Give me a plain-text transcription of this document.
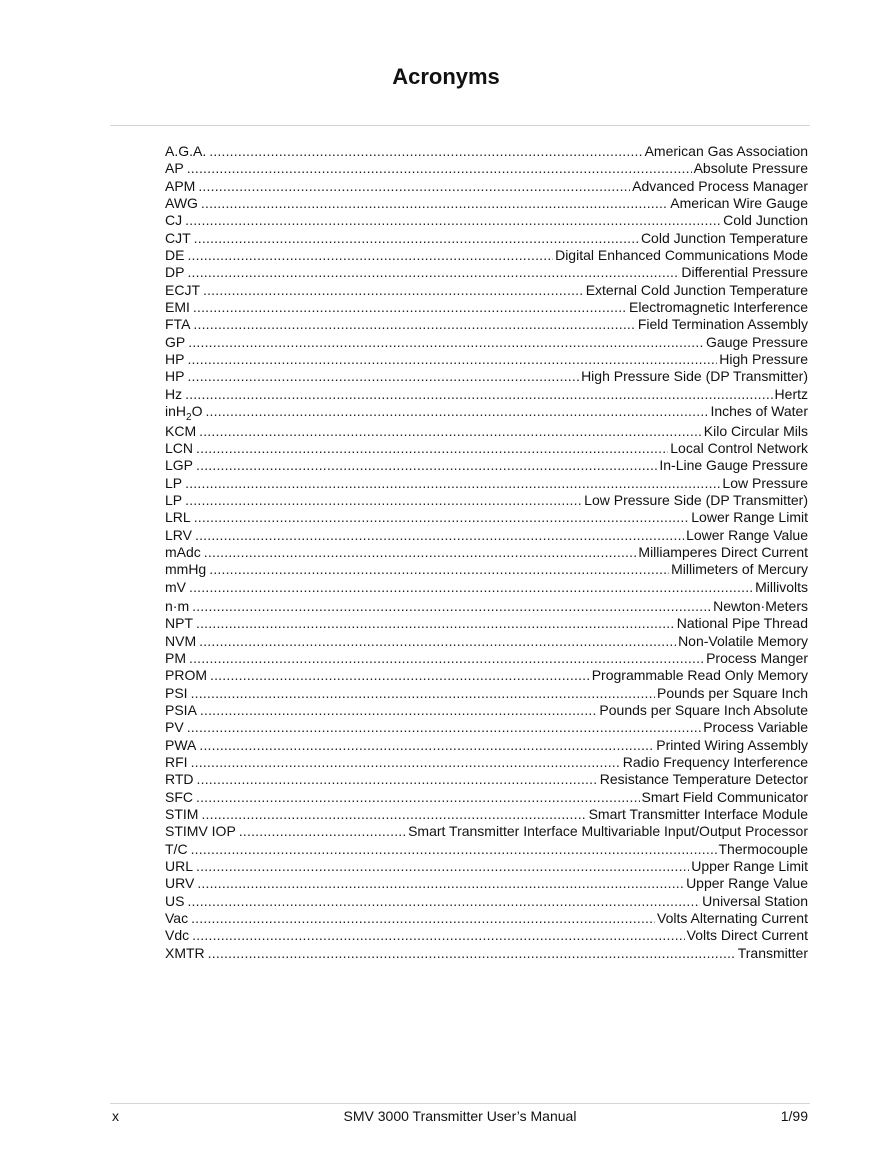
Acronyms
A.G.A. .....	American Gas Association
AP .....	Absolute Pressure
APM .....	Advanced Process Manager
AWG .....	American Wire Gauge
CJ .....	Cold Junction
CJT .....	Cold Junction Temperature
DE .....	Digital Enhanced Communications Mode
DP .....	Differential Pressure
ECJT .....	External Cold Junction Temperature
EMI .....	Electromagnetic Interference
FTA .....	Field Termination Assembly
GP .....	Gauge Pressure
HP .....	High Pressure
HP .....	High Pressure Side (DP Transmitter)
Hz .....	Hertz
inH$_2$O .....	Inches of Water
KCM .....	Kilo Circular Mils
LCN .....	Local Control Network
LGP .....	In-Line Gauge Pressure
LP .....	Low Pressure
LP .....	Low Pressure Side (DP Transmitter)
LRL .....	Lower Range Limit
LRV .....	Lower Range Value
mAdc .....	Milliamperes Direct Current
mmHg .....	Millimeters of Mercury
mV .....	Millivolts
n·m .....	Newton·Meters
NPT .....	National Pipe Thread
NVM .....	Non-Volatile Memory
PM .....	Process Manger
PROM .....	Programmable Read Only Memory
PSI .....	Pounds per Square Inch
PSIA .....	Pounds per Square Inch Absolute
PV .....	Process Variable
PWA .....	Printed Wiring Assembly
RFI .....	Radio Frequency Interference
RTD .....	Resistance Temperature Detector
SFC .....	Smart Field Communicator
STIM .....	Smart Transmitter Interface Module
STIMV IOP .....	Smart Transmitter Interface Multivariable Input/Output Processor
T/C .....	Thermocouple
URL .....	Upper Range Limit
URV .....	Upper Range Value
US .....	Universal Station
Vac .....	Volts Alternating Current
Vdc .....	Volts Direct Current
XMTR .....	Transmitter
x	SMV 3000 Transmitter User’s Manual	1/99
